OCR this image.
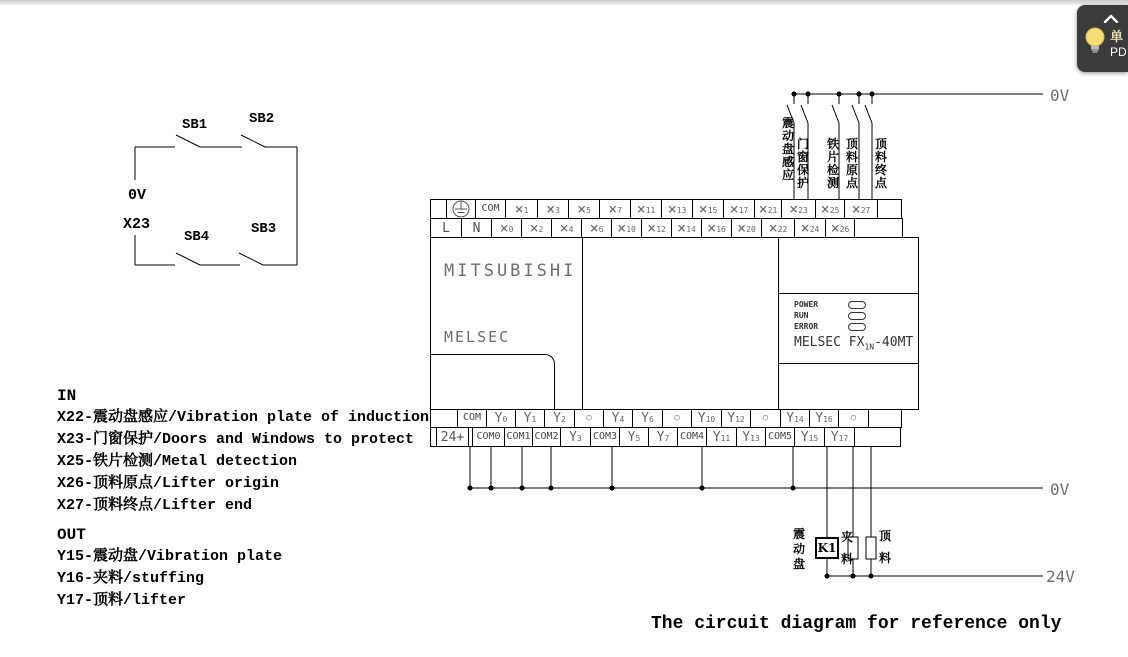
SB1	SB2
0V
X23
SB4	SB3
0V
0V
24V
震动盘感应
门窗保护
铁片检测
顶料原点
顶料终点
COM × 1 × 3 × 5 × 7 × 11 × 13 × 15 × 17 × 21 × 23 × 25 × 27
L N × 0 × 2 × 4 × 6 × 10 × 12 × 14 × 16 × 20 × 22 × 24 × 26
COM Y 0 Y 1 Y 2 ○ Y 4 Y 6 ○ Y 10 Y 12 ○ Y 14 Y 16 ○
24+ COM0 COM1 COM2 Y 3 COM3 Y 5 Y 7 COM4 Y 11 Y 13 COM5 Y 15 Y 17
MITSUBISHI
MELSEC
POWER
RUN
ERROR
MELSEC $FX_{1N}-40MT$
K1
震动盘
夹料
顶料
IN
X22-震动盘感应/Vibration plate of induction
X23-门窗保护/Doors and Windows to protect
X25-铁片检测/Metal detection
X26-顶料原点/Lifter origin
X27-顶料终点/Lifter end
OUT
Y15-震动盘/Vibration plate
Y16-夹料/stuffing
Y17-顶料/lifter
The circuit diagram for reference only
单
PD
